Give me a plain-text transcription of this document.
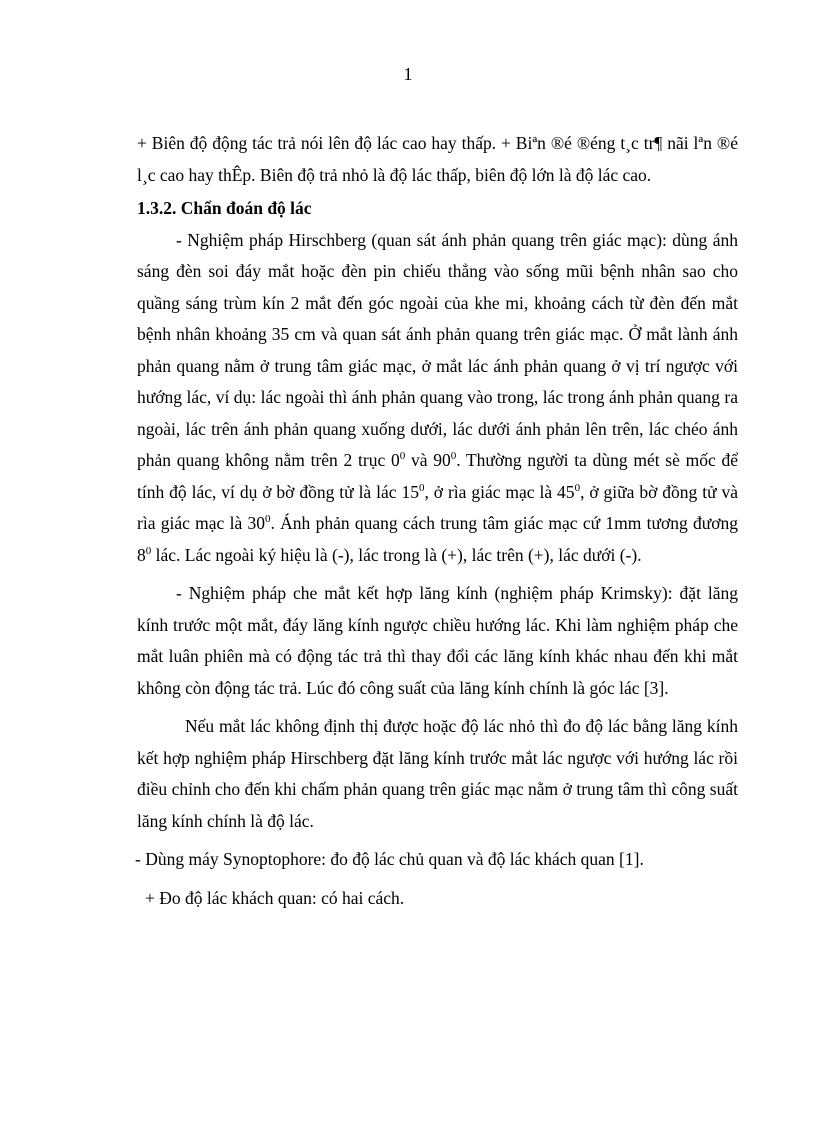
1

+ Biên độ động tác trả nói lên độ lác cao hay thấp. + Biªn ®é ®éng t¸c tr¶ nãi lªn ®é l¸c cao hay thÊp. Biên độ trả nhỏ là độ lác thấp, biên độ lớn là độ lác cao.

1.3.2. Chẩn đoán độ lác

- Nghiệm pháp Hirschberg (quan sát ánh phản quang trên giác mạc): dùng ánh sáng đèn soi đáy mắt hoặc đèn pin chiếu thẳng vào sống mũi bệnh nhân sao cho quầng sáng trùm kín 2 mắt đến góc ngoài của khe mi, khoảng cách từ đèn đến mắt bệnh nhân khoảng 35 cm và quan sát ánh phản quang trên giác mạc. Ở mắt lành ánh phản quang nằm ở trung tâm giác mạc, ở mắt lác ánh phản quang ở vị trí ngược với hướng lác, ví dụ: lác ngoài thì ánh phản quang vào trong, lác trong ánh phản quang ra ngoài, lác trên ánh phản quang xuống dưới, lác dưới ánh phản lên trên, lác chéo ánh phản quang không nằm trên 2 trục $0^0$ và $90^0$. Thường người ta dùng mét sè mốc để tính độ lác, ví dụ ở bờ đồng tử là lác $15^0$, ở rìa giác mạc là $45^0$, ở giữa bờ đồng tử và rìa giác mạc là $30^0$. Ánh phản quang cách trung tâm giác mạc cứ 1mm tương đương $8^0$ lác. Lác ngoài ký hiệu là (-), lác trong là (+), lác trên (+), lác dưới (-).

- Nghiệm pháp che mắt kết hợp lăng kính (nghiệm pháp Krimsky): đặt lăng kính trước một mắt, đáy lăng kính ngược chiều hướng lác. Khi làm nghiệm pháp che mắt luân phiên mà có động tác trả thì thay đổi các lăng kính khác nhau đến khi mắt không còn động tác trả. Lúc đó công suất của lăng kính chính là góc lác [3].

Nếu mắt lác không định thị được hoặc độ lác nhỏ thì đo độ lác bằng lăng kính kết hợp nghiệm pháp Hirschberg đặt lăng kính trước mắt lác ngược với hướng lác rồi điều chỉnh cho đến khi chấm phản quang trên giác mạc nằm ở trung tâm thì công suất lăng kính chính là độ lác.

- Dùng máy Synoptophore: đo độ lác chủ quan và độ lác khách quan [1].

+ Đo độ lác khách quan: có hai cách.
